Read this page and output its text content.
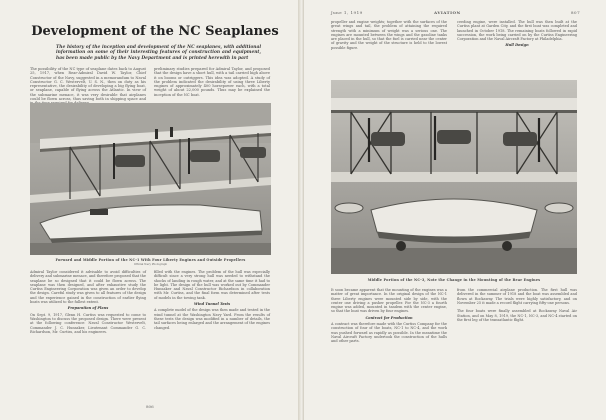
Development of the NC Seaplanes
The history of the inception and development of the NC seaplanes, with additional information on some of their interesting features of construction and equipment, has been made public by the Navy Department and is printed herewith in part
The possibility of the NC type of seaplane dates back to August 25, 1917, when Rear-Admiral David W. Taylor, Chief Constructor of the Navy, suggested in a memorandum to Naval Constructor G. C. Westervelt, U. S. N., then on duty as his representative, the desirability of developing a big flying boat, or seaplane, capable of flying across the Atlantic. In view of the submarine menace, it was very desirable that airplanes could be flown across, thus saving both in shipping space and
preliminary studies prepared for Admiral Taylor, and proposed that the design have a short hull, with a tail carried high above it on booms or outriggers. This idea was adopted. A study of the problem indicated the desirability of using three Liberty engines of approximately 400 horsepower each, with a total weight of about 22,000 pounds. Thus may be explained the inception of the NC boat.
Forward and Middle Portion of the NC-1 With Four Liberty Engines and Outside Propellers
Official Navy Photograph
Admiral Taylor considered it advisable to avoid difficulties of delivery and submarine menace, and therefore proposed that the seaplane be so designed that it could be flown across. The seaplane was then designed, and after exhaustive study the Curtiss Engineering Corporation was given an order to develop the design. Careful study was given to all features of the design and the experience gained in the construction of earlier flying boats was utilized to the fullest extent.
Preparation of Plans
On Sept. 9, 1917, Glenn H. Curtiss was requested to come to Washington to discuss the proposed design. There were present at the following conference: Naval Constructor Westervelt, Commander J. C. Hunsaker, Lieutenant Commander G. C. Richardson, Mr. Curtiss, and his engineers.
filled with the engines. The problem of the hull was especially difficult since a very strong hull was needed to withstand the shocks of landing in rough water, and at the same time it had to be light. The design of the hull was worked out by Commander Hunsaker and Naval Constructor Richardson in collaboration with Mr. Curtiss, and the final form was determined after tests of models in the towing tank.
Wind Tunnel Tests
A complete model of the design was then made and tested in the wind tunnel at the Washington Navy Yard. From the results of these tests the design was modified in a number of details, the tail surfaces being enlarged and the arrangement of the engines changed.
806
June 1, 1919	AVIATION	807
propeller and engine weights; together with the surfaces of the great wings and tail, the problem of attaining the required strength with a minimum of weight was a serious one. The engines are mounted between the wings and the gasoline tanks are placed in the hull, so that the fuel is carried near the center of gravity and the weight of the structure is held to the lowest possible figure.
ceeding engine, were installed. The hull was then built at the Curtiss plant at Garden City, and the first boat was completed and launched in October 1918. The remaining boats followed in rapid succession, the work being carried on by the Curtiss Engineering Corporation and the Naval Aircraft Factory at Philadelphia.
Hull Design
Middle Portion of the NC-3, Note the Change in the Mounting of the Rear Engines
It soon became apparent that the mounting of the engines was a matter of great importance. In the original design of the NC-1 three Liberty engines were mounted side by side, with the center one driving a pusher propeller. For the NC-3 a fourth engine was added, mounted in tandem with the center engine, so that the boat was driven by four engines.
Contract for Production
A contract was therefore made with the Curtiss Company for the construction of four of the boats, NC-1 to NC-4, and the work was pushed forward as rapidly as possible. In the meantime the Naval Aircraft Factory undertook the construction of the hulls and other parts.
from the commercial airplane production. The first hull was delivered in the summer of 1918 and the boat was assembled and flown at Rockaway. The trials were highly satisfactory, and on November 25 it made a record flight carrying fifty-one persons.
The four boats were finally assembled at Rockaway Naval Air Station, and on May 8, 1919, the NC-1, NC-3, and NC-4 started on the first leg of the transatlantic flight.
